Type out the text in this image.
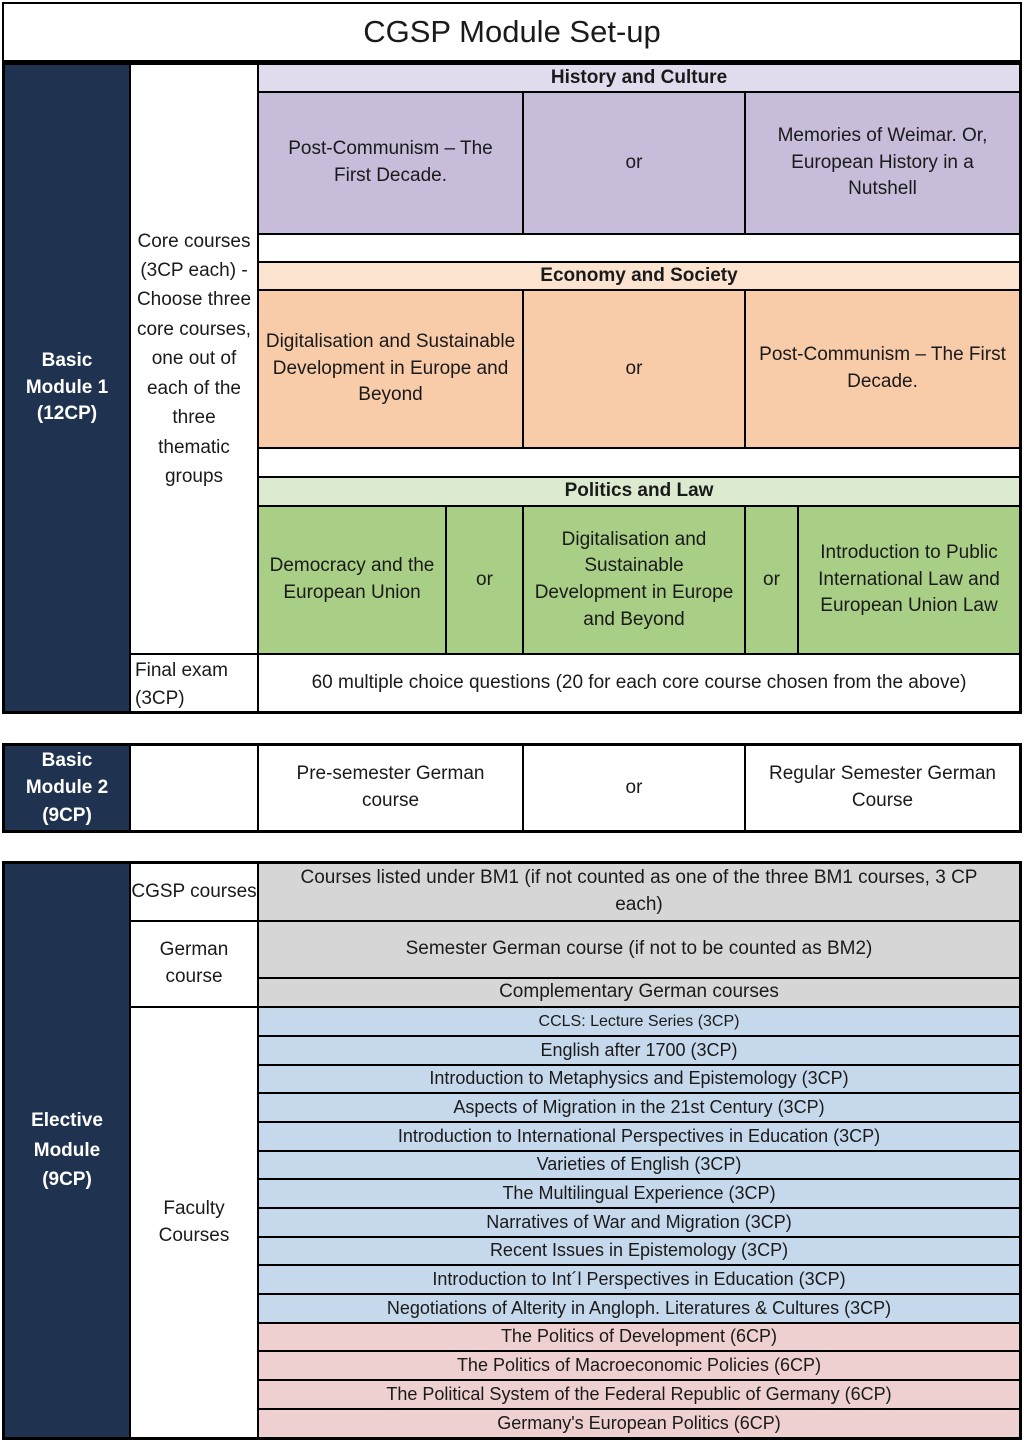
CGSP Module Set-up
Basic Module 1 (12CP)
Core courses (3CP each) - Choose three core courses, one out of each of the three thematic groups
History and Culture
Post-Communism – The First Decade.
or
Memories of Weimar. Or, European History in a Nutshell
Economy and Society
Digitalisation and Sustainable Development in Europe and Beyond
or
Post-Communism – The First Decade.
Politics and Law
Democracy and the European Union
or
Digitalisation and Sustainable Development in Europe and Beyond
or
Introduction to Public International Law and European Union Law
Final exam (3CP)
60 multiple choice questions (20 for each core course chosen from the above)
Basic Module 2 (9CP)
Pre-semester German course
or
Regular Semester German Course
Elective Module (9CP)
CGSP courses
Courses listed under BM1 (if not counted as one of the three BM1 courses, 3 CP each)
German course
Semester German course (if not to be counted as BM2)
Complementary German courses
Faculty Courses
CCLS: Lecture Series (3CP)
English after 1700 (3CP)
Introduction to Metaphysics and Epistemology (3CP)
Aspects of Migration in the 21st Century (3CP)
Introduction to International Perspectives in Education (3CP)
Varieties of English (3CP)
The Multilingual Experience (3CP)
Narratives of War and Migration (3CP)
Recent Issues in Epistemology (3CP)
Introduction to Int´l Perspectives in Education (3CP)
Negotiations of Alterity in Angloph. Literatures & Cultures (3CP)
The Politics of Development (6CP)
The Politics of Macroeconomic Policies (6CP)
The Political System of the Federal Republic of Germany (6CP)
Germany's European Politics (6CP)
